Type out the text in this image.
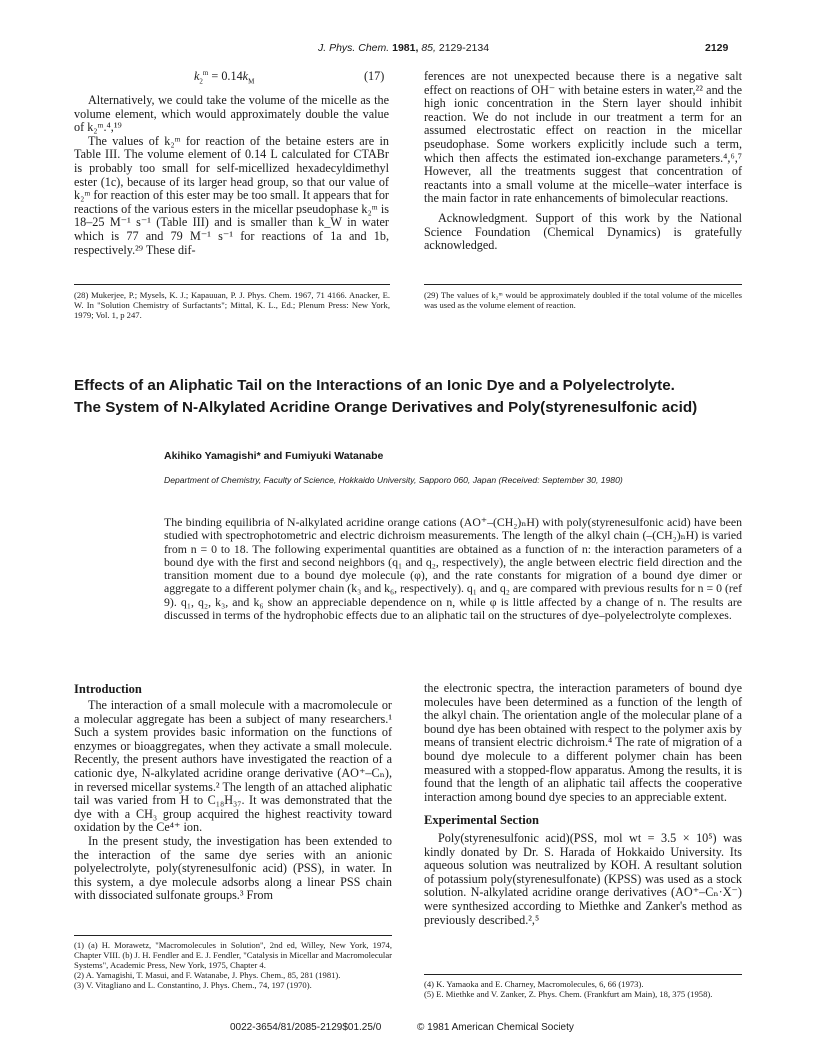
J. Phys. Chem. 1981, 85, 2129-2134	2129
$k_2^m = 0.14k_M$	(17)

Alternatively, we could take the volume of the micelle as the volume element, which would approximately double the value of k₂ᵐ.⁴,¹⁹

The values of k₂ᵐ for reaction of the betaine esters are in Table III. The volume element of 0.14 L calculated for CTABr is probably too small for self-micellized hexadecyldimethyl ester (1c), because of its larger head group, so that our value of k₂ᵐ for reaction of this ester may be too small. It appears that for reactions of the various esters in the micellar pseudophase k₂ᵐ is 18–25 M⁻¹ s⁻¹ (Table III) and is smaller than k_W in water which is 77 and 79 M⁻¹ s⁻¹ for reactions of 1a and 1b, respectively.²⁹ These dif-

ferences are not unexpected because there is a negative salt effect on reactions of OH⁻ with betaine esters in water,²² and the high ionic concentration in the Stern layer should inhibit reaction. We do not include in our treatment a term for an assumed electrostatic effect on reaction in the micellar pseudophase. Some workers explicitly include such a term, which then affects the estimated ion-exchange parameters.⁴,⁶,⁷ However, all the treatments suggest that concentration of reactants into a small volume at the micelle–water interface is the main factor in rate enhancements of bimolecular reactions.

Acknowledgment. Support of this work by the National Science Foundation (Chemical Dynamics) is gratefully acknowledged.

(28) Mukerjee, P.; Mysels, K. J.; Kapauuan, P. J. Phys. Chem. 1967, 71 4166. Anacker, E. W. In "Solution Chemistry of Surfactants"; Mittal, K. L., Ed.; Plenum Press: New York, 1979; Vol. 1, p 247.
(29) The values of k₂ᵐ would be approximately doubled if the total volume of the micelles was used as the volume element of reaction.
Effects of an Aliphatic Tail on the Interactions of an Ionic Dye and a Polyelectrolyte.
The System of N-Alkylated Acridine Orange Derivatives and Poly(styrenesulfonic acid)
Akihiko Yamagishi* and Fumiyuki Watanabe
Department of Chemistry, Faculty of Science, Hokkaido University, Sapporo 060, Japan (Received: September 30, 1980)
The binding equilibria of N-alkylated acridine orange cations (AO⁺–(CH₂)ₙH) with poly(styrenesulfonic acid) have been studied with spectrophotometric and electric dichroism measurements. The length of the alkyl chain (–(CH₂)ₙH) is varied from n = 0 to 18. The following experimental quantities are obtained as a function of n: the interaction parameters of a bound dye with the first and second neighbors (q₁ and q₂, respectively), the angle between electric field direction and the transition moment due to a bound dye molecule (φ), and the rate constants for migration of a bound dye dimer or aggregate to a different polymer chain (k₃ and k₆, respectively). q₁ and q₂ are compared with previous results for n = 0 (ref 9). q₁, q₂, k₃, and k₆ show an appreciable dependence on n, while φ is little affected by a change of n. The results are discussed in terms of the hydrophobic effects due to an aliphatic tail on the structures of dye–polyelectrolyte complexes.
Introduction

The interaction of a small molecule with a macromolecule or a molecular aggregate has been a subject of many researchers.¹ Such a system provides basic information on the functions of enzymes or bioaggregates, when they activate a small molecule. Recently, the present authors have investigated the reaction of a cationic dye, N-alkylated acridine orange derivative (AO⁺–Cₙ), in reversed micellar systems.² The length of an attached aliphatic tail was varied from H to C₁₈H₃₇. It was demonstrated that the dye with a CH₃ group acquired the highest reactivity toward oxidation by the Ce⁴⁺ ion.

In the present study, the investigation has been extended to the interaction of the same dye series with an anionic polyelectrolyte, poly(styrenesulfonic acid) (PSS), in water. In this system, a dye molecule adsorbs along a linear PSS chain with dissociated sulfonate groups.³ From

(1) (a) H. Morawetz, "Macromolecules in Solution", 2nd ed, Willey, New York, 1974, Chapter VIII. (b) J. H. Fendler and E. J. Fendler, "Catalysis in Micellar and Macromolecular Systems", Academic Press, New York, 1975, Chapter 4.
(2) A. Yamagishi, T. Masui, and F. Watanabe, J. Phys. Chem., 85, 281 (1981).
(3) V. Vitagliano and L. Constantino, J. Phys. Chem., 74, 197 (1970).

the electronic spectra, the interaction parameters of bound dye molecules have been determined as a function of the length of the alkyl chain. The orientation angle of the molecular plane of a bound dye has been obtained with respect to the polymer axis by means of transient electric dichroism.⁴ The rate of migration of a bound dye molecule to a different polymer chain has been measured with a stopped-flow apparatus. Among the results, it is found that the length of an aliphatic tail affects the cooperative interaction among bound dye species to an appreciable extent.

Experimental Section

Poly(styrenesulfonic acid)(PSS, mol wt = 3.5 × 10⁵) was kindly donated by Dr. S. Harada of Hokkaido University. Its aqueous solution was neutralized by KOH. A resultant solution of potassium poly(styrenesulfonate) (KPSS) was used as a stock solution. N-alkylated acridine orange derivatives (AO⁺–Cₙ·X⁻) were synthesized according to Miethke and Zanker's method as previously described.²,⁵

(4) K. Yamaoka and E. Charney, Macromolecules, 6, 66 (1973).
(5) E. Miethke and V. Zanker, Z. Phys. Chem. (Frankfurt am Main), 18, 375 (1958).
0022-3654/81/2085-2129$01.25/0	© 1981 American Chemical Society
